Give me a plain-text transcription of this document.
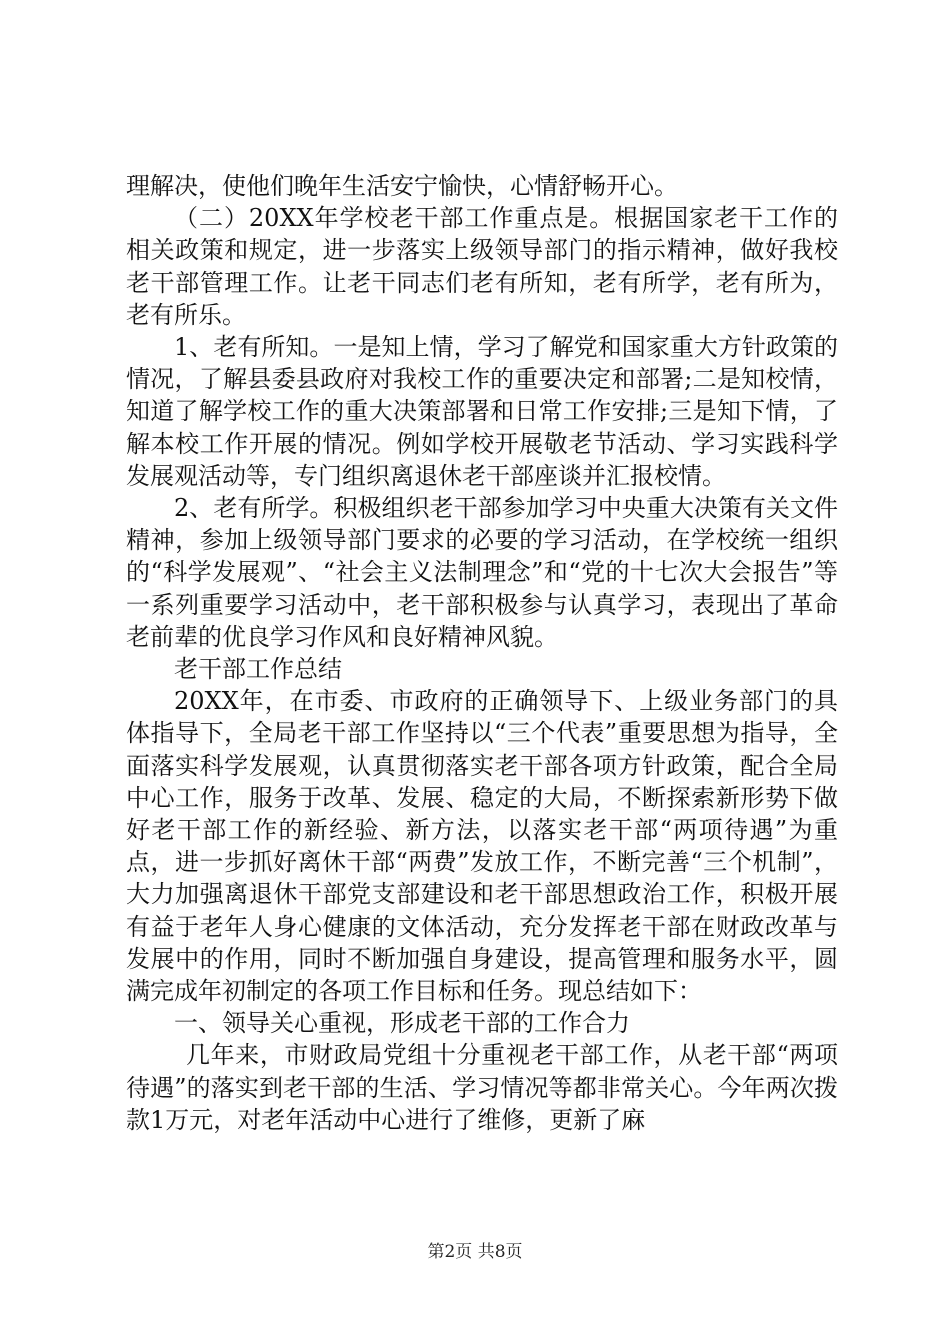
理解决，使他们晚年生活安宁愉快，心情舒畅开心。

（二）20XX年学校老干部工作重点是。根据国家老干工作的相关政策和规定，进一步落实上级领导部门的指示精神，做好我校老干部管理工作。让老干同志们老有所知，老有所学，老有所为，老有所乐。

1、老有所知。一是知上情，学习了解党和国家重大方针政策的情况，了解县委县政府对我校工作的重要决定和部署;二是知校情，知道了解学校工作的重大决策部署和日常工作安排;三是知下情，了解本校工作开展的情况。例如学校开展敬老节活动、学习实践科学发展观活动等，专门组织离退休老干部座谈并汇报校情。

2、老有所学。积极组织老干部参加学习中央重大决策有关文件精神，参加上级领导部门要求的必要的学习活动，在学校统一组织的“科学发展观”、“社会主义法制理念”和“党的十七次大会报告”等一系列重要学习活动中，老干部积极参与认真学习，表现出了革命老前辈的优良学习作风和良好精神风貌。

老干部工作总结

20XX年，在市委、市政府的正确领导下、上级业务部门的具体指导下，全局老干部工作坚持以“三个代表”重要思想为指导，全面落实科学发展观，认真贯彻落实老干部各项方针政策，配合全局中心工作，服务于改革、发展、稳定的大局，不断探索新形势下做好老干部工作的新经验、新方法，以落实老干部“两项待遇”为重点，进一步抓好离休干部“两费”发放工作，不断完善“三个机制”，大力加强离退休干部党支部建设和老干部思想政治工作，积极开展有益于老年人身心健康的文体活动，充分发挥老干部在财政改革与发展中的作用，同时不断加强自身建设，提高管理和服务水平，圆满完成年初制定的各项工作目标和任务。现总结如下：

一、领导关心重视，形成老干部的工作合力

几年来，市财政局党组十分重视老干部工作，从老干部“两项待遇”的落实到老干部的生活、学习情况等都非常关心。今年两次拨款1万元，对老年活动中心进行了维修，更新了麻

第2页 共8页
